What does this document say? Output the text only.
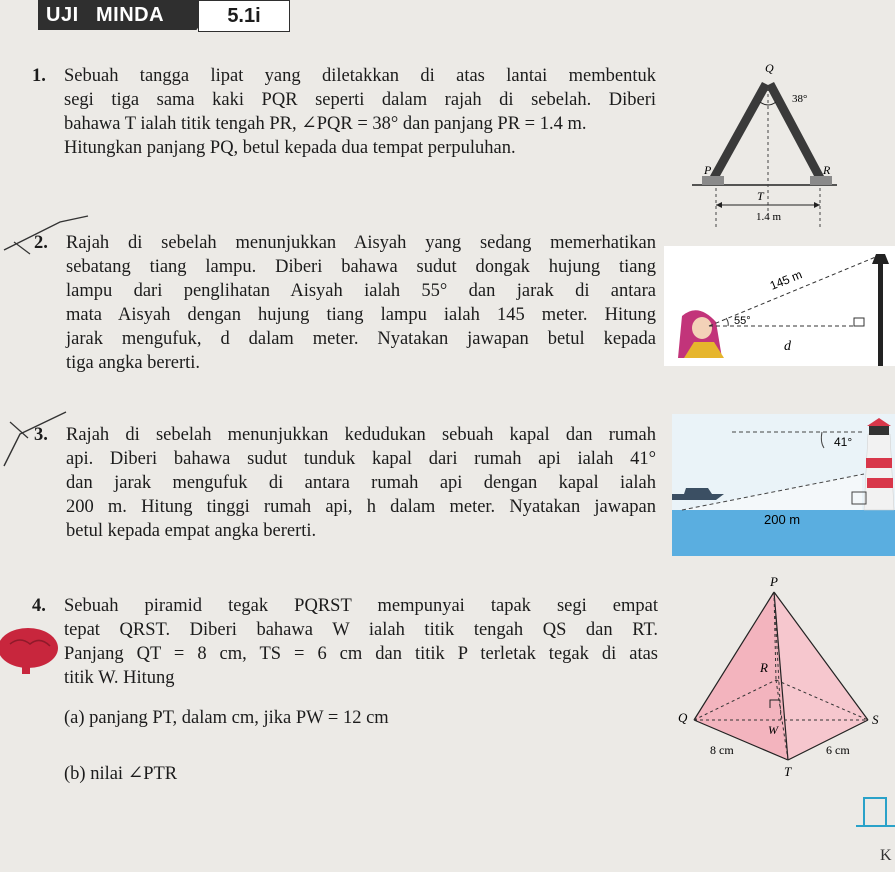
UJI MINDA	5.1i
1. Sebuah tangga lipat yang diletakkan di atas lantai membentuk

segi tiga sama kaki PQR seperti dalam rajah di sebelah. Diberi

bahawa T ialah titik tengah PR, ∠PQR = 38° dan panjang PR = 1.4 m.

Hitungkan panjang PQ, betul kepada dua tempat perpuluhan.

Q
38°
P	R
T
1.4 m
2. Rajah di sebelah menunjukkan Aisyah yang sedang memerhatikan

sebatang tiang lampu. Diberi bahawa sudut dongak hujung tiang

lampu dari penglihatan Aisyah ialah 55° dan jarak di antara

mata Aisyah dengan hujung tiang lampu ialah 145 meter. Hitung

jarak mengufuk, d dalam meter. Nyatakan jawapan betul kepada

tiga angka bererti.

145 m
55°
d
3. Rajah di sebelah menunjukkan kedudukan sebuah kapal dan rumah

api. Diberi bahawa sudut tunduk kapal dari rumah api ialah 41°

dan jarak mengufuk di antara rumah api dengan kapal ialah

200 m. Hitung tinggi rumah api, h dalam meter. Nyatakan jawapan

betul kepada empat angka bererti.

41°
200 m
4. Sebuah piramid tegak PQRST mempunyai tapak segi empat

tepat QRST. Diberi bahawa W ialah titik tengah QS dan RT.

Panjang QT = 8 cm, TS = 6 cm dan titik P terletak tegak di atas

titik W. Hitung

(a) panjang PT, dalam cm, jika PW = 12 cm

(b) nilai ∠PTR

P
Q
R
S
T
W
8 cm	6 cm
K
